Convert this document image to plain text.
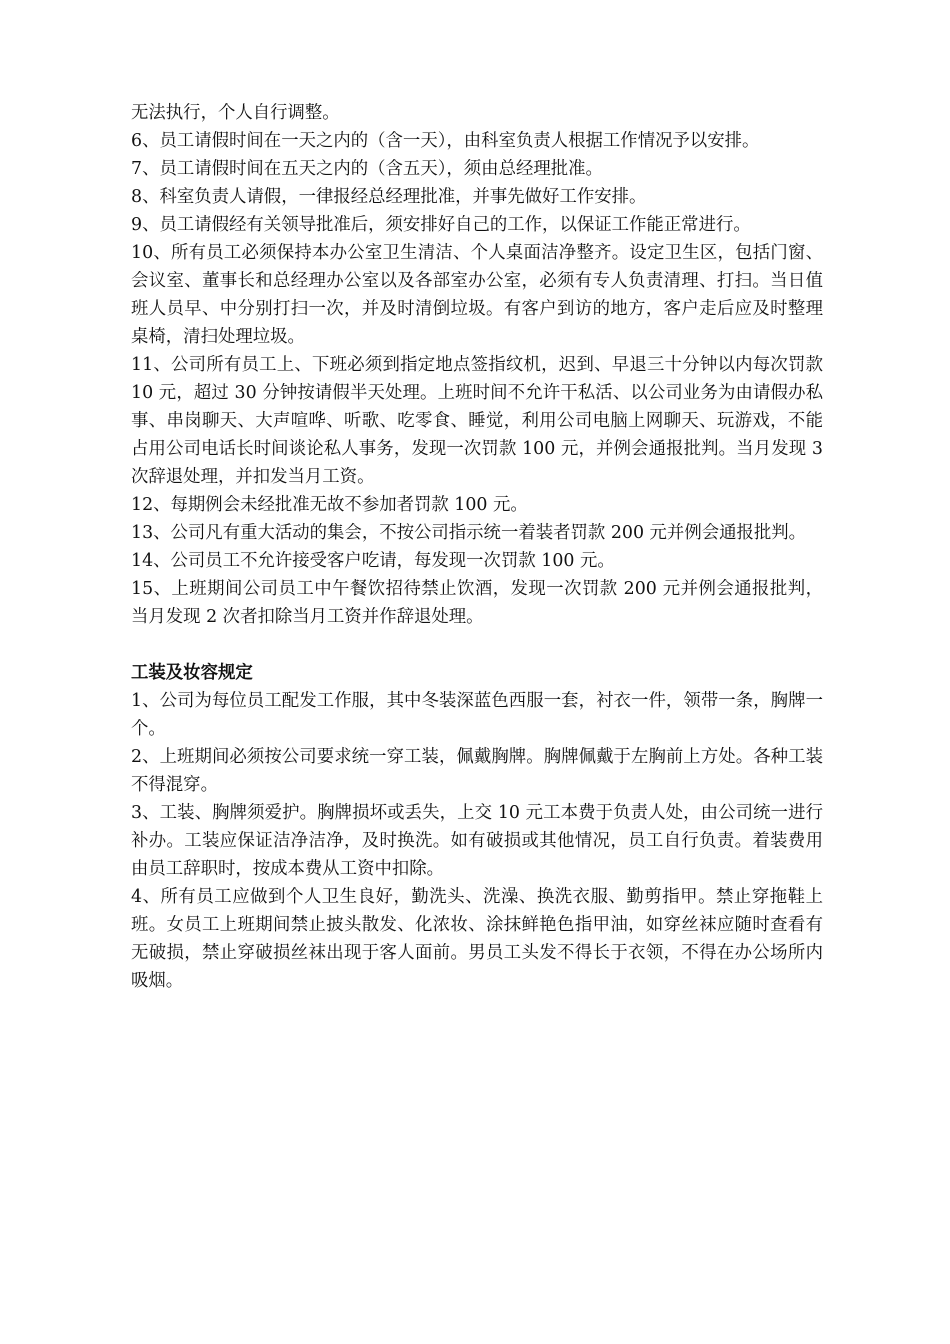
无法执行，个人自行调整。

6、员工请假时间在一天之内的（含一天），由科室负责人根据工作情况予以安排。

7、员工请假时间在五天之内的（含五天），须由总经理批准。

8、科室负责人请假，一律报经总经理批准，并事先做好工作安排。

9、员工请假经有关领导批准后，须安排好自己的工作，以保证工作能正常进行。

10、所有员工必须保持本办公室卫生清洁、个人桌面洁净整齐。设定卫生区，包括门窗、会议室、董事长和总经理办公室以及各部室办公室，必须有专人负责清理、打扫。当日值班人员早、中分别打扫一次，并及时清倒垃圾。有客户到访的地方，客户走后应及时整理桌椅，清扫处理垃圾。

11、公司所有员工上、下班必须到指定地点签指纹机，迟到、早退三十分钟以内每次罚款 10 元，超过 30 分钟按请假半天处理。上班时间不允许干私活、以公司业务为由请假办私事、串岗聊天、大声喧哗、听歌、吃零食、睡觉，利用公司电脑上网聊天、玩游戏，不能占用公司电话长时间谈论私人事务，发现一次罚款 100 元，并例会通报批判。当月发现 3 次辞退处理，并扣发当月工资。

12、每期例会未经批准无故不参加者罚款 100 元。

13、公司凡有重大活动的集会，不按公司指示统一着装者罚款 200 元并例会通报批判。

14、公司员工不允许接受客户吃请，每发现一次罚款 100 元。

15、上班期间公司员工中午餐饮招待禁止饮酒，发现一次罚款 200 元并例会通报批判，当月发现 2 次者扣除当月工资并作辞退处理。

工装及妆容规定

1、公司为每位员工配发工作服，其中冬装深蓝色西服一套，衬衣一件，领带一条，胸牌一个。

2、上班期间必须按公司要求统一穿工装，佩戴胸牌。胸牌佩戴于左胸前上方处。各种工装不得混穿。

3、工装、胸牌须爱护。胸牌损坏或丢失，上交 10 元工本费于负责人处，由公司统一进行补办。工装应保证洁净洁净，及时换洗。如有破损或其他情况，员工自行负责。着装费用由员工辞职时，按成本费从工资中扣除。

4、所有员工应做到个人卫生良好，勤洗头、洗澡、换洗衣服、勤剪指甲。禁止穿拖鞋上班。女员工上班期间禁止披头散发、化浓妆、涂抹鲜艳色指甲油，如穿丝袜应随时查看有无破损，禁止穿破损丝袜出现于客人面前。男员工头发不得长于衣领，不得在办公场所内吸烟。
